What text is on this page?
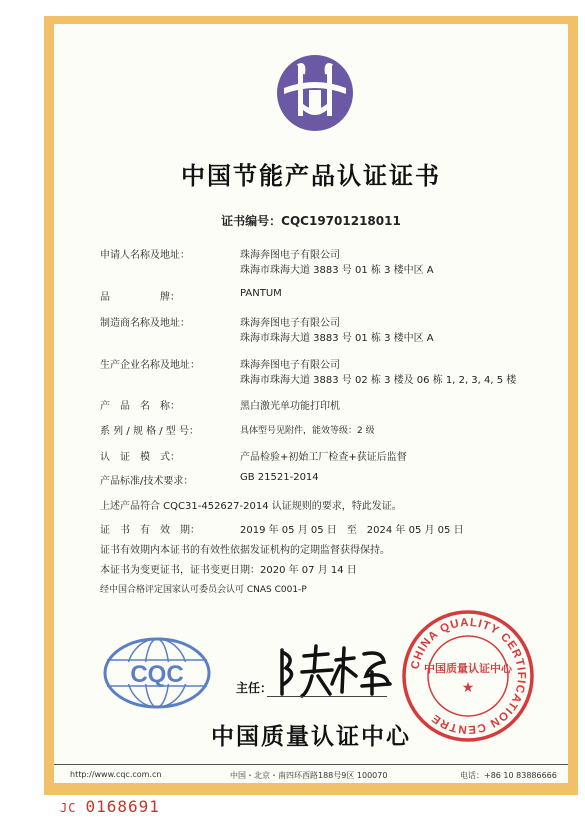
中国节能产品认证证书
证书编号：CQC19701218011
申请人名称及地址：	珠海奔图电子有限公司
珠海市珠海大道 3883 号 01 栋 3 楼中区 A
品　　　　　牌：	PANTUM
制造商名称及地址：	珠海奔图电子有限公司
珠海市珠海大道 3883 号 01 栋 3 楼中区 A
生产企业名称及地址：	珠海奔图电子有限公司
珠海市珠海大道 3883 号 02 栋 3 楼及 06 栋 1, 2, 3, 4, 5 楼
产　品　名　称：	黑白激光单功能打印机
系 列 / 规 格 / 型 号：	具体型号见附件，能效等级：2 级
认　证　模　式：	产品检验+初始工厂检查+获证后监督
产品标准/技术要求：	GB 21521-2014
上述产品符合 CQC31-452627-2014 认证规则的要求，特此发证。
证　书　有　效　期：	2019 年 05 月 05 日　至　2024 年 05 月 05 日
证书有效期内本证书的有效性依据发证机构的定期监督获得保持。
本证书为变更证书，证书变更日期：2020 年 07 月 14 日
经中国合格评定国家认可委员会认可 CNAS C001-P
CQC	主任：
CHINA QUALITY CERTIFICATION CENTRE
中国质量认证中心
★
中国质量认证中心
http://www.cqc.com.cn	中国・北京・南四环西路188号9区 100070	电话：+86 10 83886666
JC 0168691
